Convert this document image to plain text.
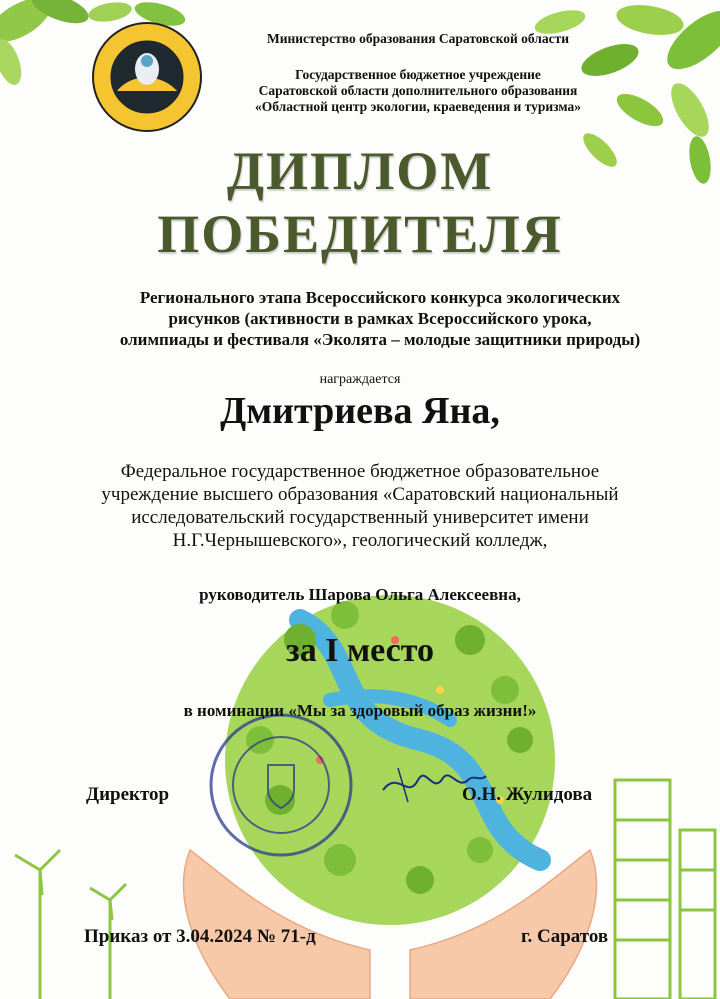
Министерство образования Саратовской области
Государственное бюджетное учреждение
Саратовской области дополнительного образования
«Областной центр экологии, краеведения и туризма»
ДИПЛОМ
ПОБЕДИТЕЛЯ
Регионального этапа Всероссийского конкурса экологических
рисунков (активности в рамках Всероссийского урока,
олимпиады и фестиваля «Эколята – молодые защитники природы)
награждается
Дмитриева Яна,
Федеральное государственное бюджетное образовательное
учреждение высшего образования «Саратовский национальный
исследовательский государственный университет имени
Н.Г.Чернышевского», геологический колледж,
руководитель Шарова Ольга Алексеевна,
за I место
в номинации «Мы за здоровый образ жизни!»
Директор	О.Н. Жулидова
Приказ от 3.04.2024 № 71-д	г. Саратов
